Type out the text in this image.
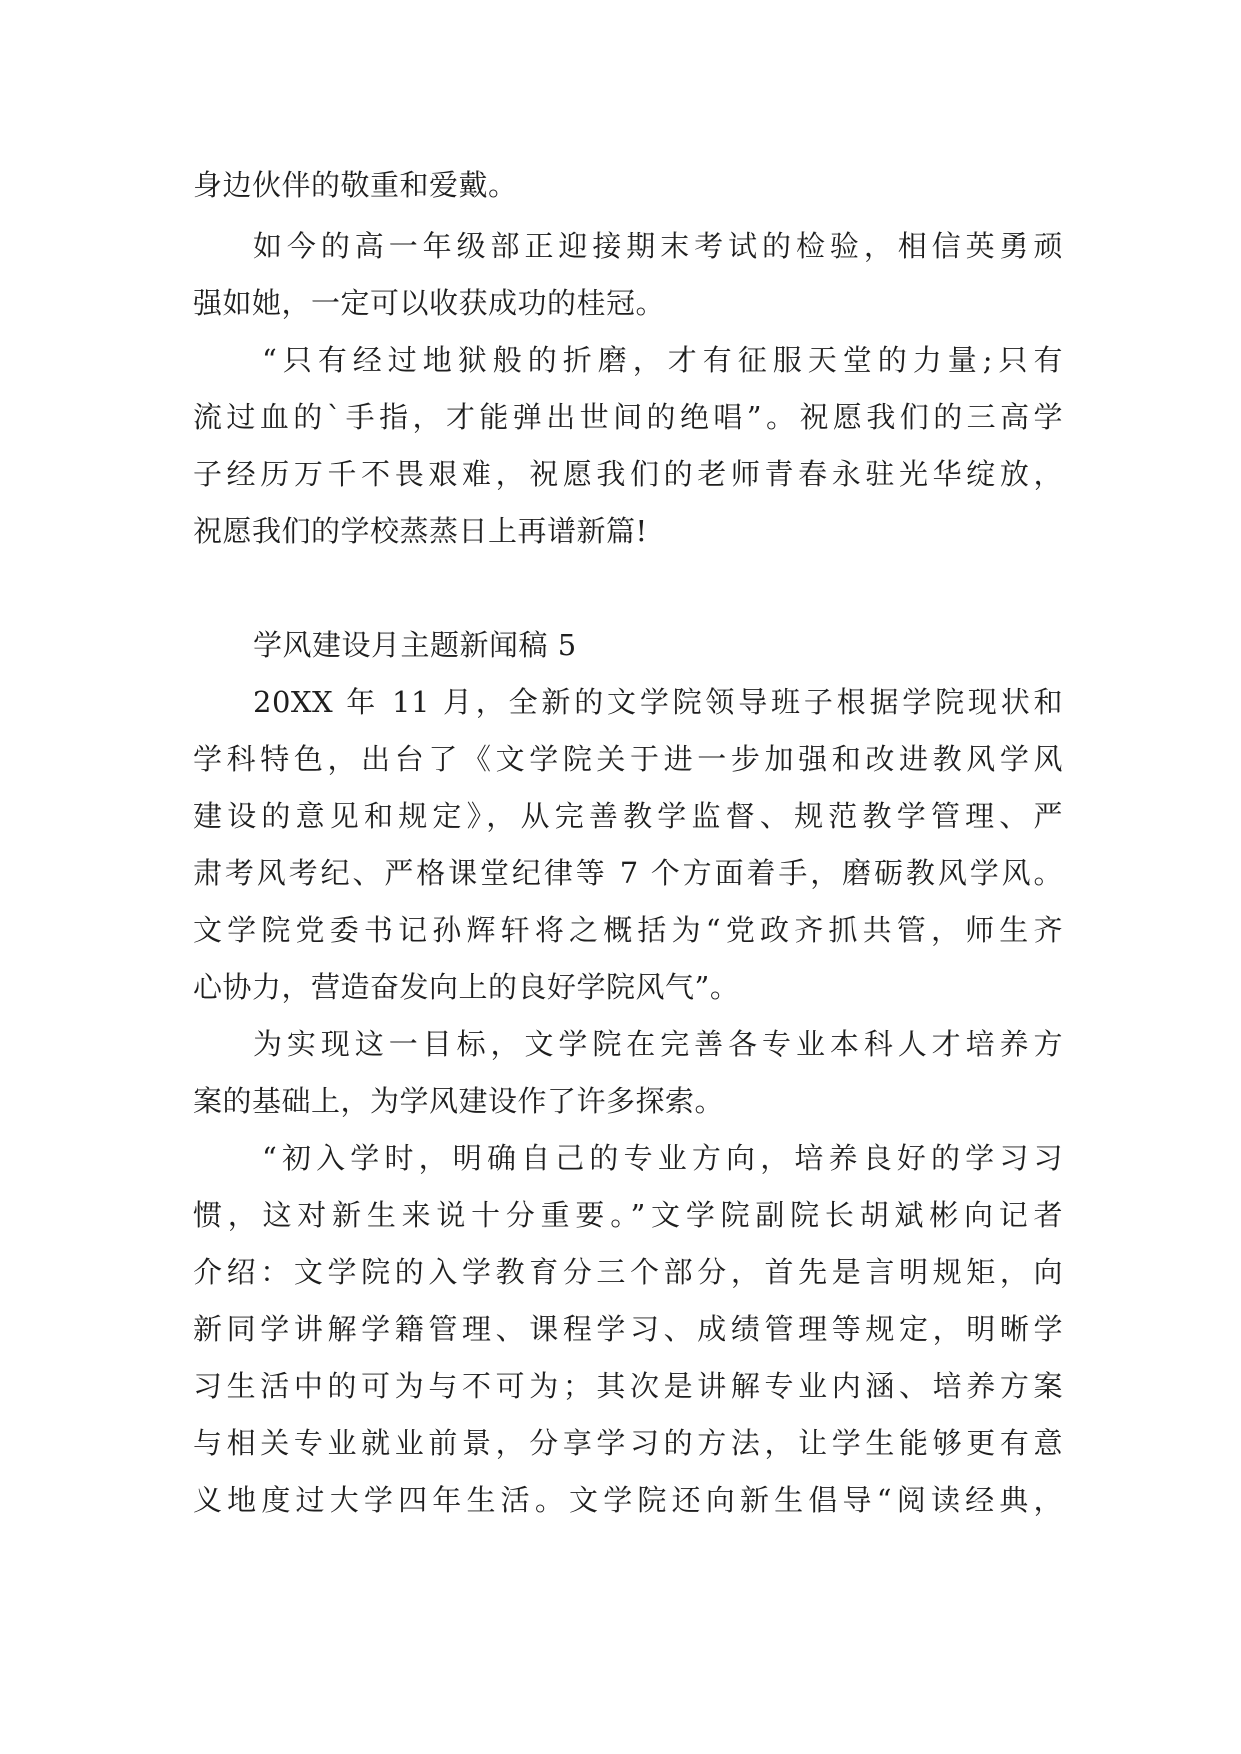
身边伙伴的敬重和爱戴。
如今的高一年级部正迎接期末考试的检验，相信英勇顽
强如她，一定可以收获成功的桂冠。
“只有经过地狱般的折磨，才有征服天堂的力量;只有
流过血的`手指，才能弹出世间的绝唱”。祝愿我们的三高学
子经历万千不畏艰难，祝愿我们的老师青春永驻光华绽放，
祝愿我们的学校蒸蒸日上再谱新篇!
学风建设月主题新闻稿 5
20XX 年 11 月，全新的文学院领导班子根据学院现状和
学科特色，出台了《文学院关于进一步加强和改进教风学风
建设的意见和规定》，从完善教学监督、规范教学管理、严
肃考风考纪、严格课堂纪律等 7 个方面着手，磨砺教风学风。
文学院党委书记孙辉轩将之概括为“党政齐抓共管，师生齐
心协力，营造奋发向上的良好学院风气”。
为实现这一目标，文学院在完善各专业本科人才培养方
案的基础上，为学风建设作了许多探索。
“初入学时，明确自己的专业方向，培养良好的学习习
惯，这对新生来说十分重要。”文学院副院长胡斌彬向记者
介绍：文学院的入学教育分三个部分，首先是言明规矩，向
新同学讲解学籍管理、课程学习、成绩管理等规定，明晰学
习生活中的可为与不可为；其次是讲解专业内涵、培养方案
与相关专业就业前景，分享学习的方法，让学生能够更有意
义地度过大学四年生活。文学院还向新生倡导“阅读经典，
